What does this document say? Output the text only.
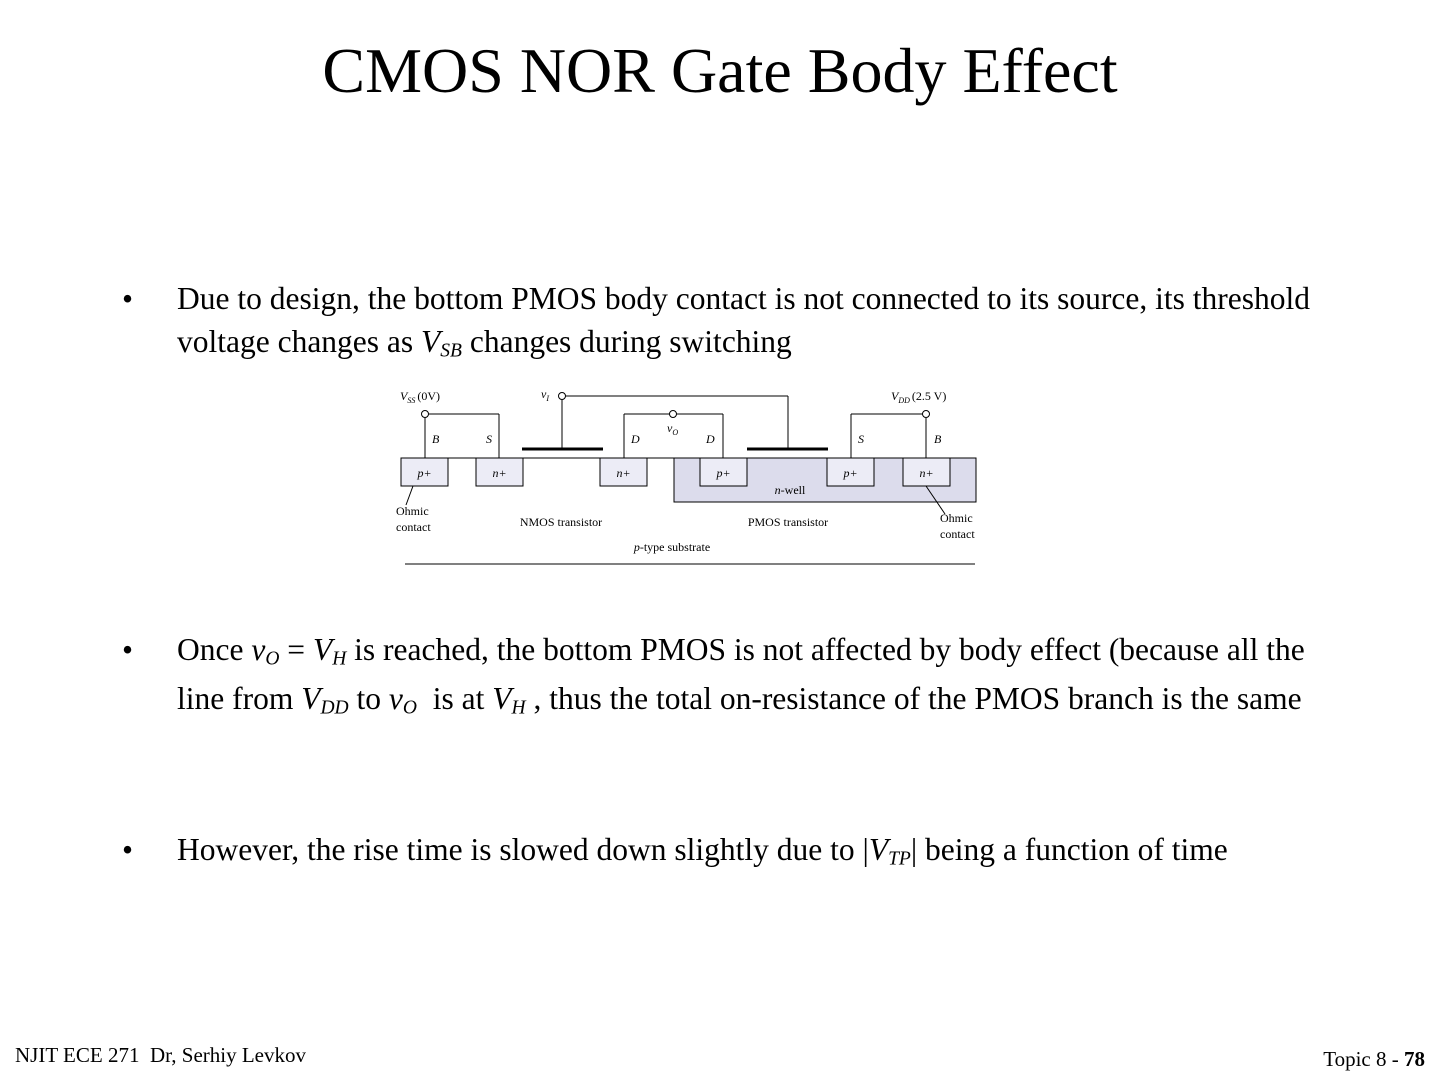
CMOS NOR Gate Body Effect
• Due to design, the bottom PMOS body contact is not connected to its source, its threshold voltage changes as $V_{SB}$ changes during switching
$V_{SS}$ (0V)	$v_I$	$V_{DD}$ (2.5 V)
$v_O$
B	S	D	D	S	B
p+	n+	n+	p+	p+	n+
n-well
Ohmic
contact
Ohmic
contact
NMOS transistor	PMOS transistor
p-type substrate
• Once $v_O = V_H$ is reached, the bottom PMOS is not affected by body effect (because all the line from $V_{DD}$ to $v_O$  is at $V_H$ , thus the total on-resistance of the PMOS branch is the same
• However, the rise time is slowed down slightly due to $|V_{TP}|$ being a function of time
NJIT ECE 271  Dr, Serhiy Levkov	Topic 8 - 78
